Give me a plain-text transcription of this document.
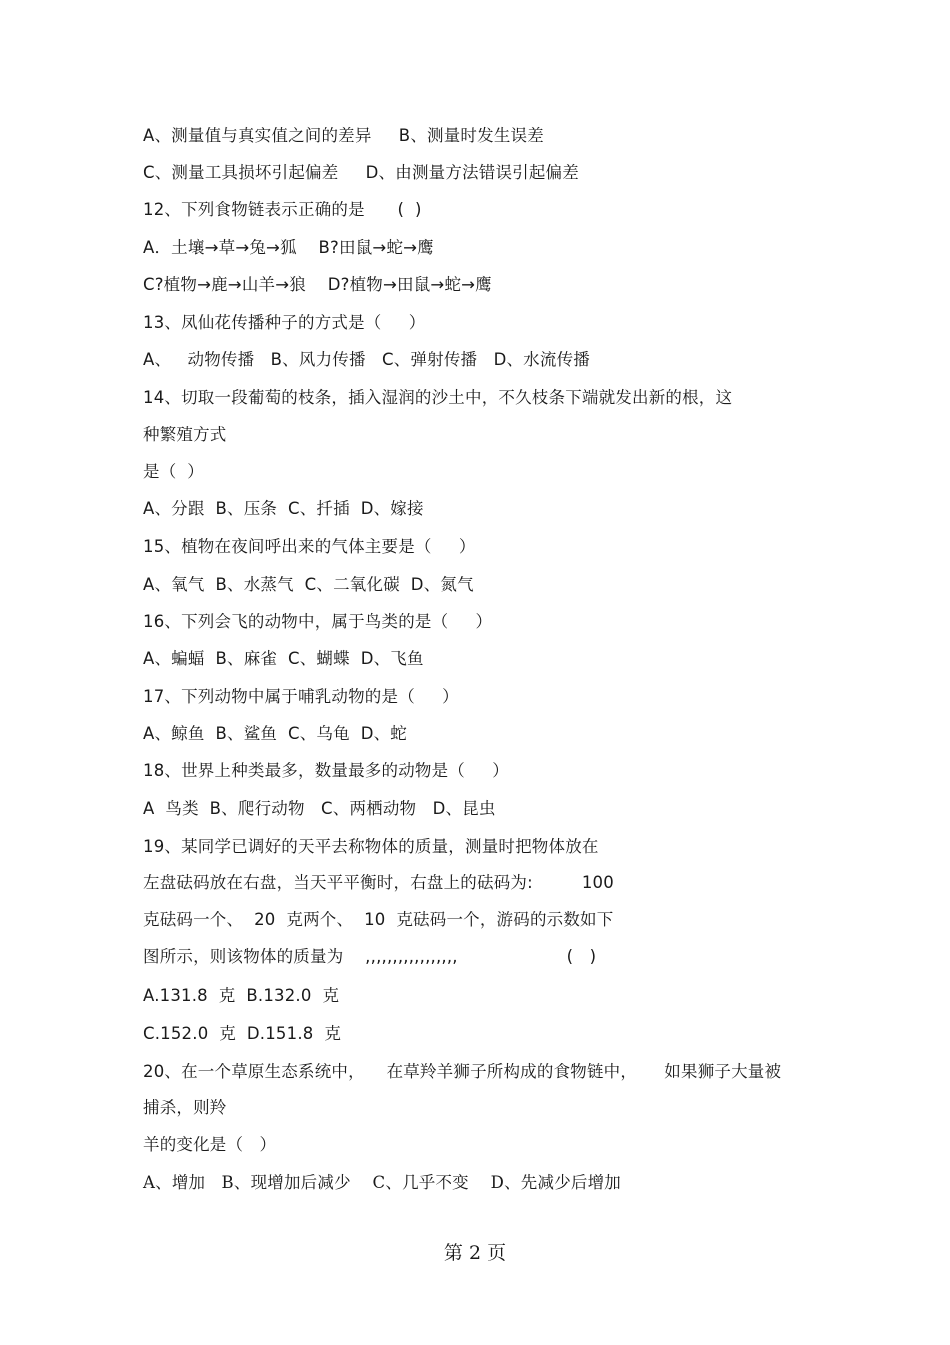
A、测量值与真实值之间的差异     B、测量时发生误差
C、测量工具损坏引起偏差     D、由测量方法错误引起偏差
12、下列食物链表示正确的是      (  )
A．土壤→草→兔→狐    B?田鼠→蛇→鹰
C?植物→鹿→山羊→狼    D?植物→田鼠→蛇→鹰
13、凤仙花传播种子的方式是（     ）
A、   动物传播   B、风力传播   C、弹射传播   D、水流传播
14、切取一段葡萄的枝条，插入湿润的沙土中，不久枝条下端就发出新的根，这
种繁殖方式
是（  ）
A、分跟  B、压条  C、扦插  D、嫁接
15、植物在夜间呼出来的气体主要是（     ）
A、氧气  B、水蒸气  C、二氧化碳  D、氮气
16、下列会飞的动物中，属于鸟类的是（     ）
A、蝙蝠  B、麻雀  C、蝴蝶  D、飞鱼
17、下列动物中属于哺乳动物的是（     ）
A、鲸鱼  B、鲨鱼  C、乌龟  D、蛇
18、世界上种类最多，数量最多的动物是（     ）
A  鸟类  B、爬行动物   C、两栖动物   D、昆虫
19、某同学已调好的天平去称物体的质量，测量时把物体放在
左盘砝码放在右盘，当天平平衡时，右盘上的砝码为:         100
克砝码一个、  20  克两个、  10  克砝码一个，游码的示数如下
图所示，则该物体的质量为    ,,,,,,,,,,,,,,,,,                    (   )
A.131.8  克  B.132.0  克
C.152.0  克  D.151.8  克
20、在一个草原生态系统中，    在草羚羊狮子所构成的食物链中，     如果狮子大量被
捕杀，则羚
羊的变化是（   ）
A、增加   B、现增加后减少    C、几乎不变    D、先减少后增加
第 2 页
